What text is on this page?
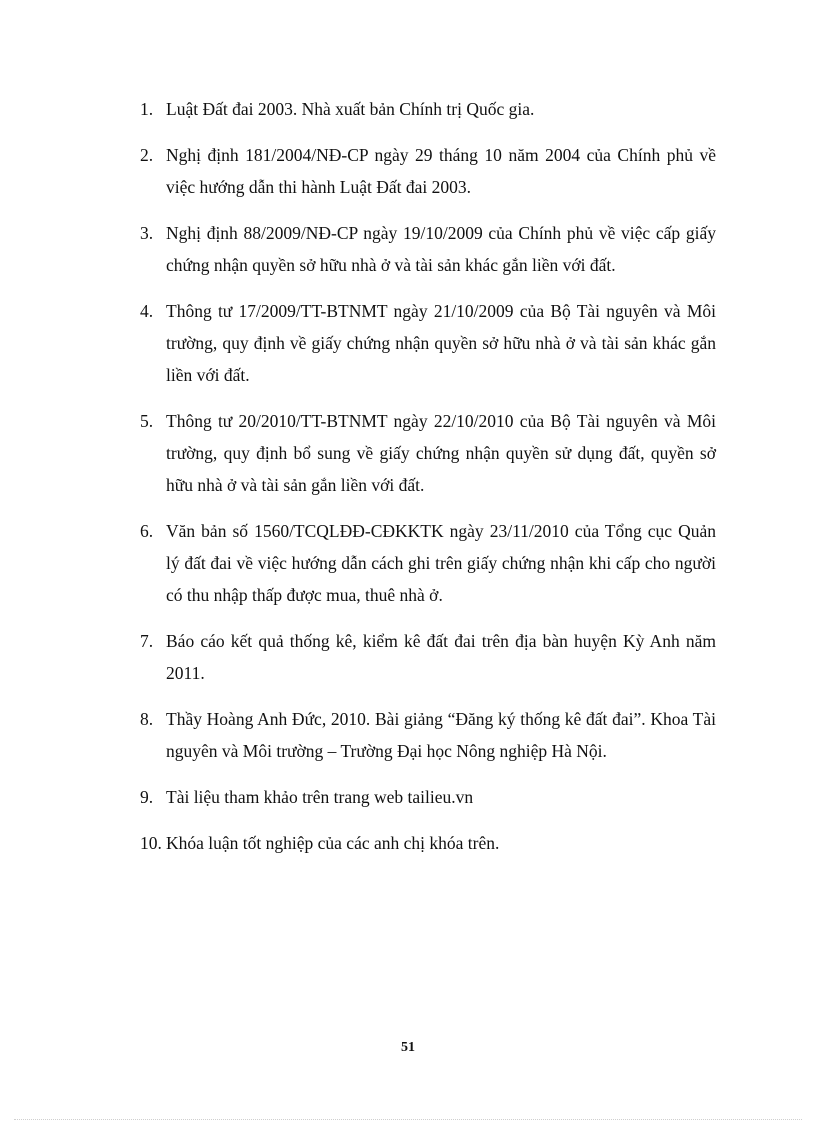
1. Luật Đất đai 2003. Nhà xuất bản Chính trị Quốc gia.
2. Nghị định 181/2004/NĐ-CP ngày 29 tháng 10 năm 2004 của Chính phủ về việc hướng dẫn thi hành Luật Đất đai 2003.
3. Nghị định 88/2009/NĐ-CP ngày 19/10/2009 của Chính phủ về việc cấp giấy chứng nhận quyền sở hữu nhà ở và tài sản khác gắn liền với đất.
4. Thông tư 17/2009/TT-BTNMT ngày 21/10/2009 của Bộ Tài nguyên và Môi trường, quy định về giấy chứng nhận quyền sở hữu nhà ở và tài sản khác gắn liền với đất.
5. Thông tư 20/2010/TT-BTNMT ngày 22/10/2010 của Bộ Tài nguyên và Môi trường, quy định bổ sung về giấy chứng nhận quyền sử dụng đất, quyền sở hữu nhà ở và tài sản gắn liền với đất.
6. Văn bản số 1560/TCQLĐĐ-CĐKKTK ngày 23/11/2010 của Tổng cục Quản lý đất đai về việc hướng dẫn cách ghi trên giấy chứng nhận khi cấp cho người có thu nhập thấp được mua, thuê nhà ở.
7. Báo cáo kết quả thống kê, kiểm kê đất đai trên địa bàn huyện Kỳ Anh năm 2011.
8. Thầy Hoàng Anh Đức, 2010. Bài giảng “Đăng ký thống kê đất đai”. Khoa Tài nguyên và Môi trường – Trường Đại học Nông nghiệp Hà Nội.
9. Tài liệu tham khảo trên trang web tailieu.vn
10. Khóa luận tốt nghiệp của các anh chị khóa trên.
51
